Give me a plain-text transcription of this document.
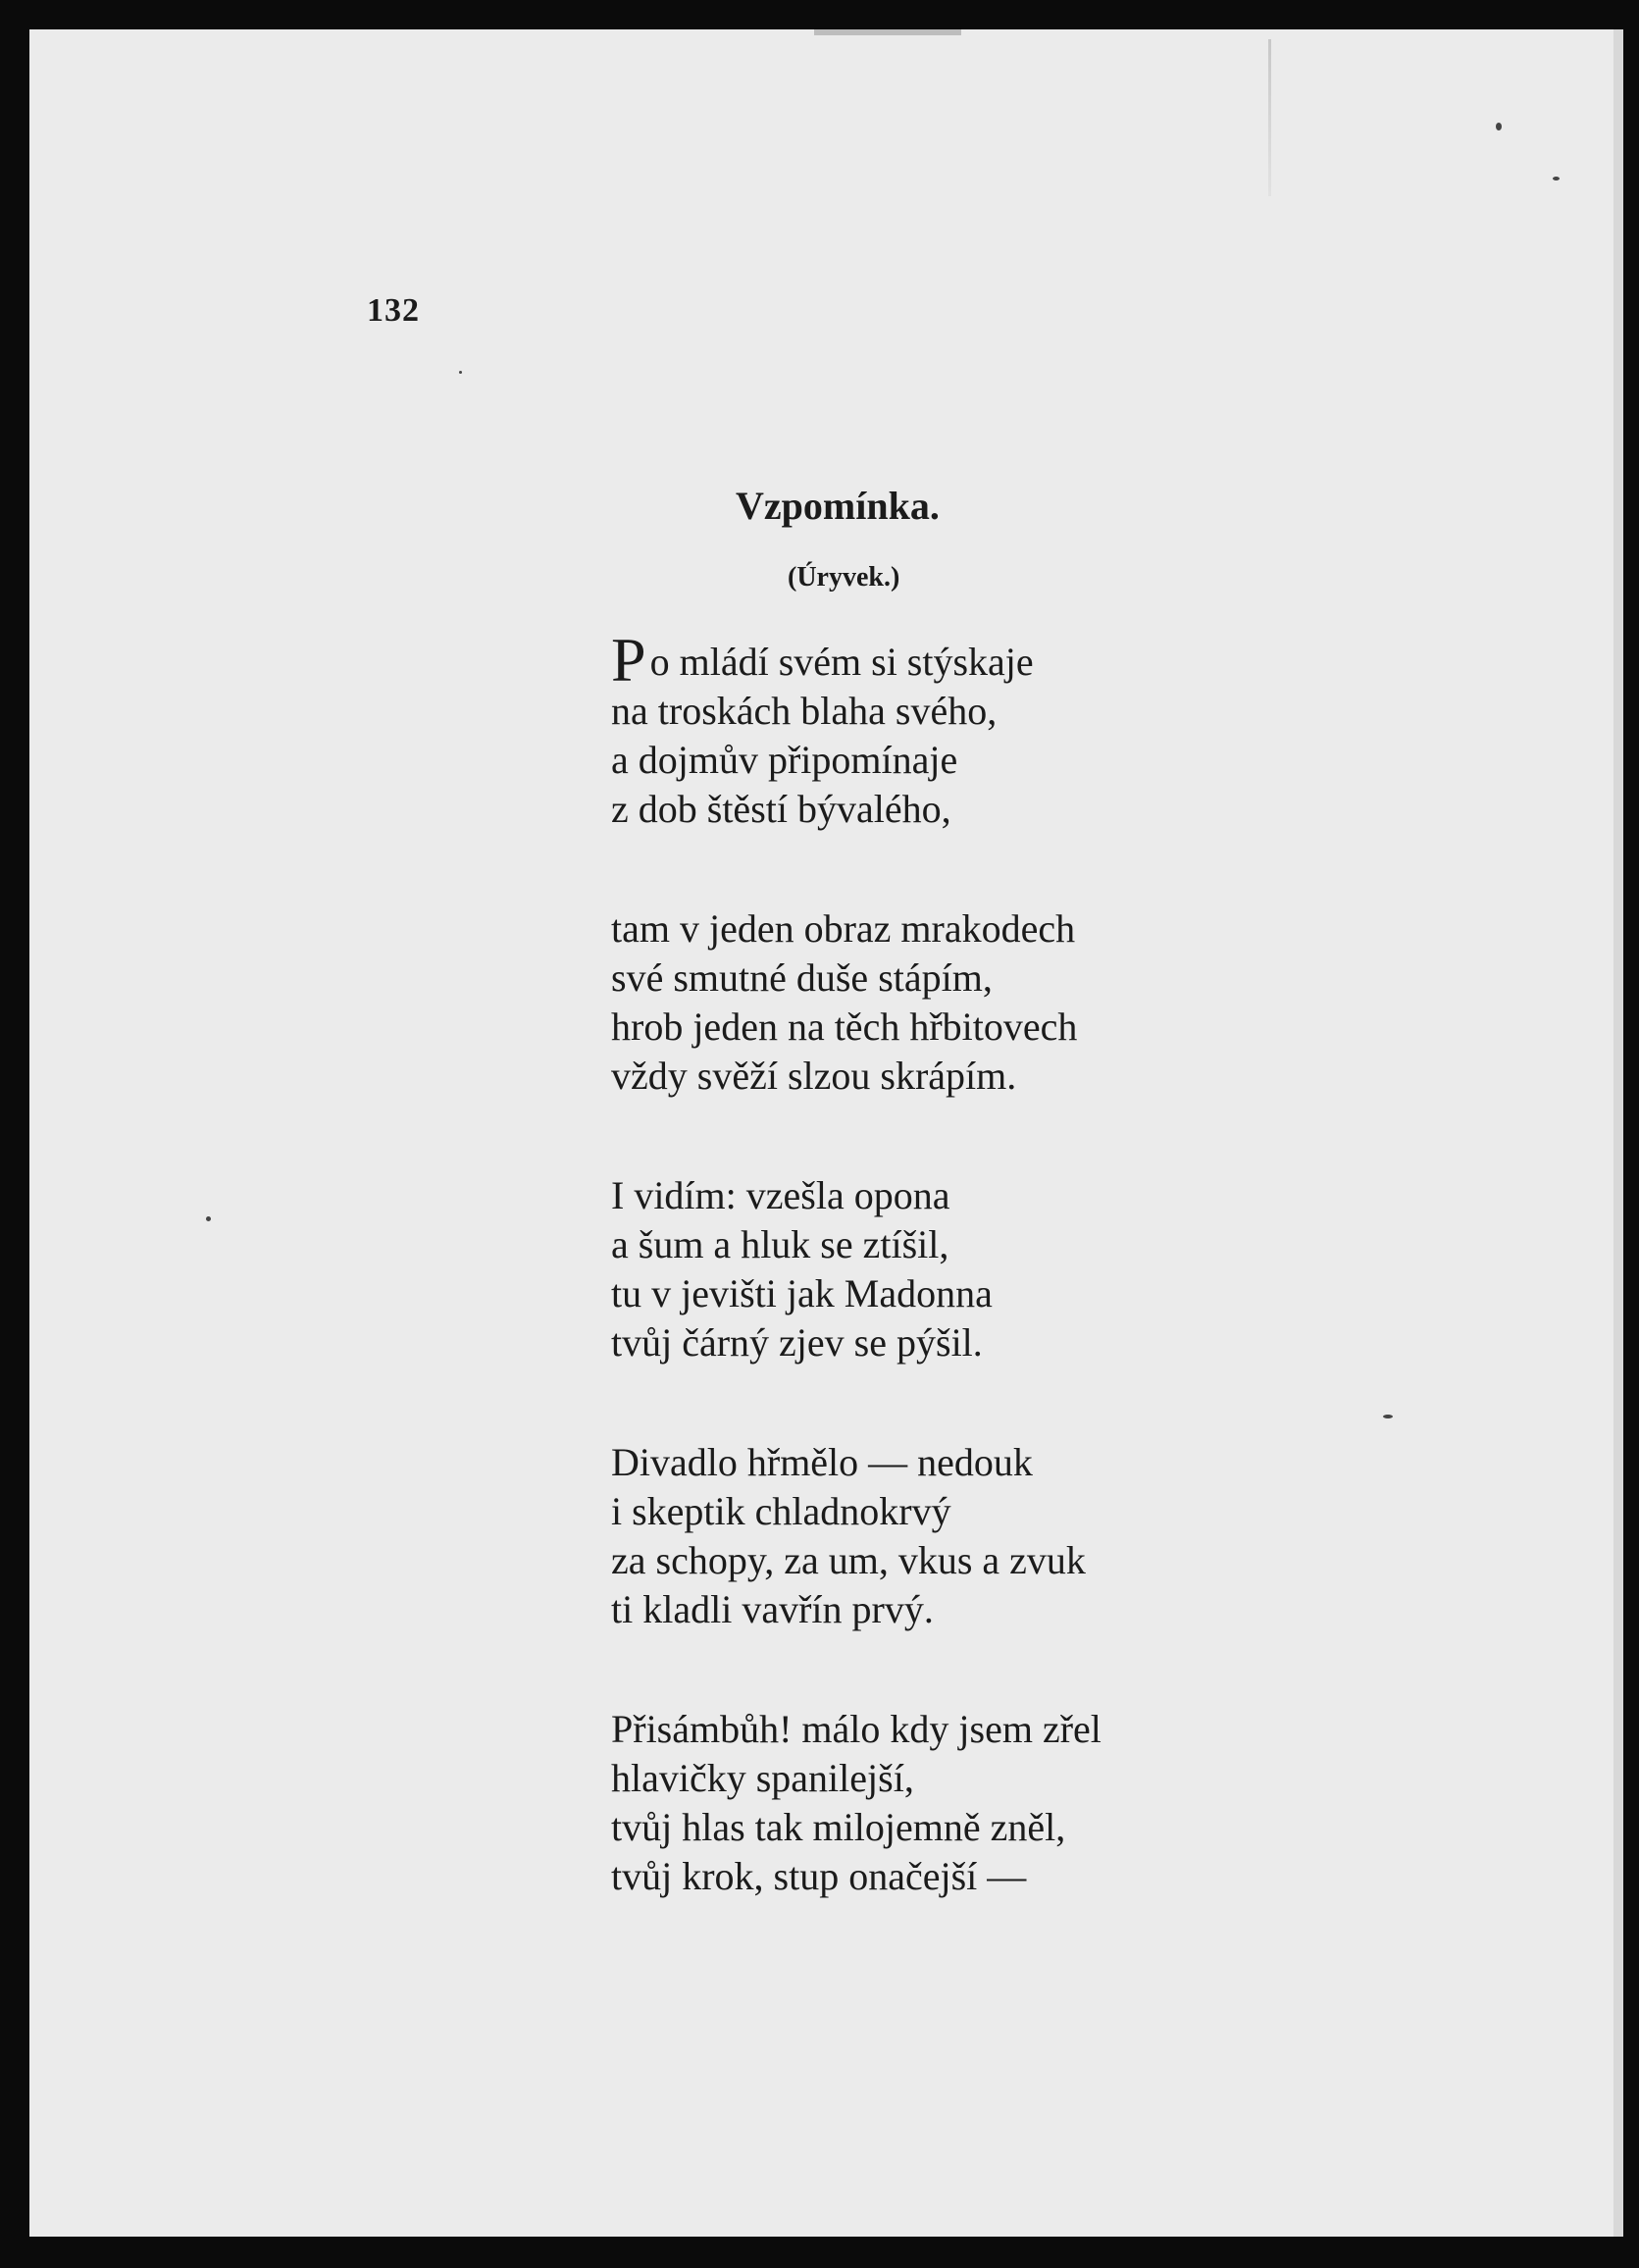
132
Vzpomínka.
(Úryvek.)
Po mládí svém si stýskaje
na troskách blaha svého,
a dojmův připomínaje
z dob štěstí bývalého,
tam v jeden obraz mrakodech
své smutné duše stápím,
hrob jeden na těch hřbitovech
vždy svěží slzou skrápím.
I vidím: vzešla opona
a šum a hluk se ztíšil,
tu v jevišti jak Madonna
tvůj čárný zjev se pýšil.
Divadlo hřmělo — nedouk
i skeptik chladnokrvý
za schopy, za um, vkus a zvuk
ti kladli vavřín prvý.
Přisámbůh! málo kdy jsem zřel
hlavičky spanilejší,
tvůj hlas tak milojemně zněl,
tvůj krok, stup onačejší —
